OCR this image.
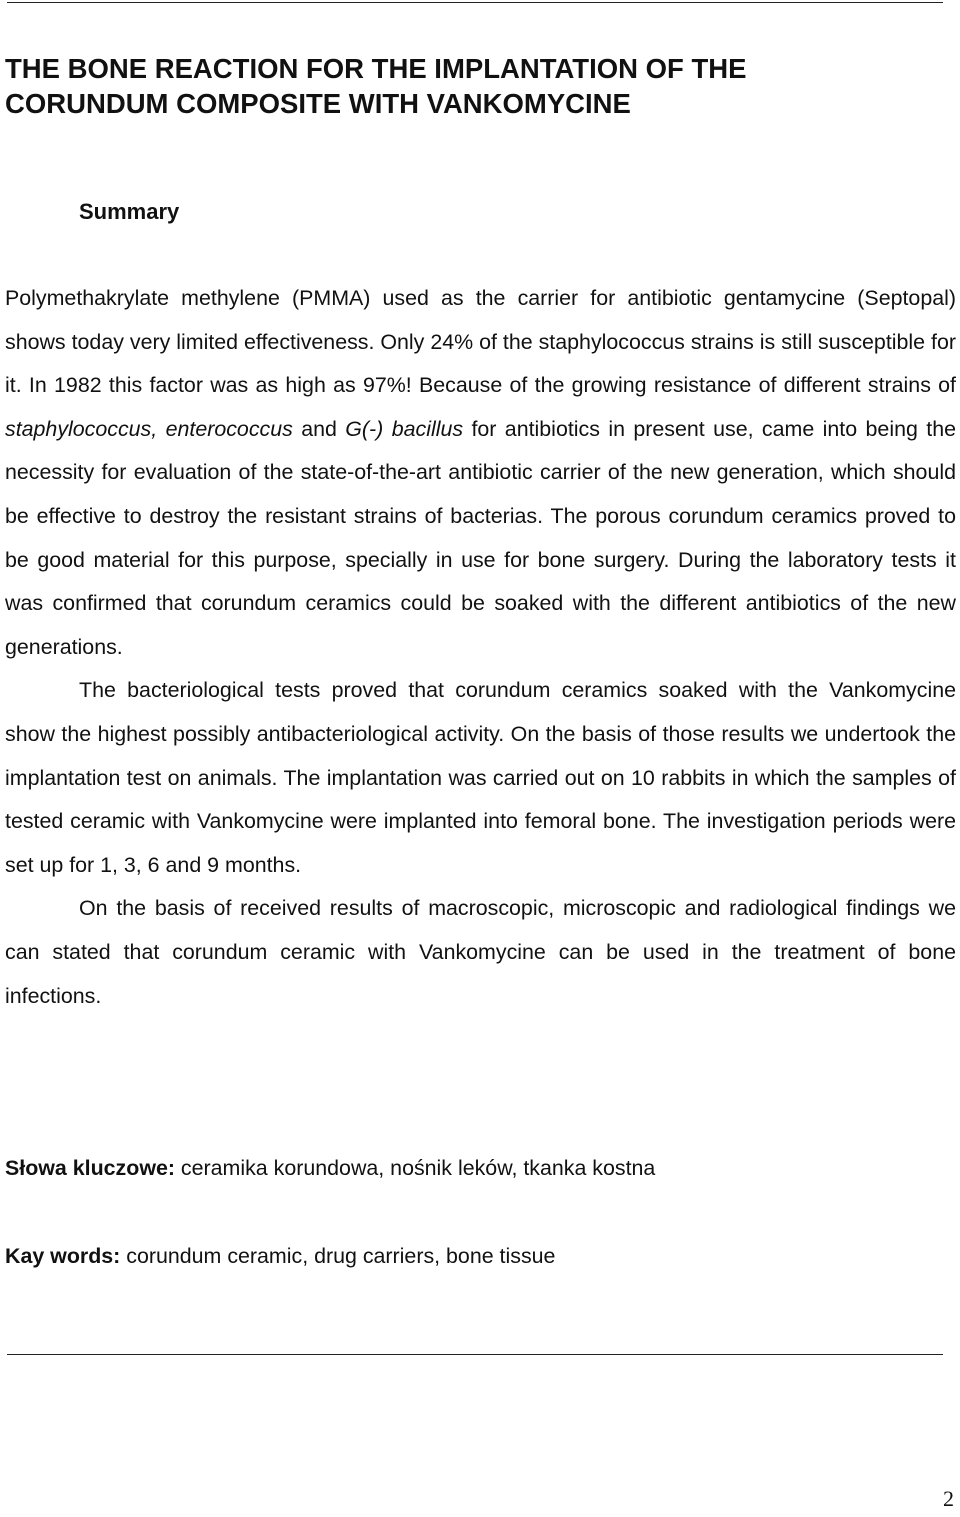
THE BONE REACTION FOR THE IMPLANTATION OF THE
CORUNDUM COMPOSITE WITH VANKOMYCINE
Summary

Polymethakrylate methylene (PMMA) used as the carrier for antibiotic gentamycine (Septopal) shows today very limited effectiveness. Only 24% of the staphylococcus strains is still susceptible for it. In 1982 this factor was as high as 97%! Because of the growing resistance of different strains of staphylococcus, enterococcus and G(-) bacillus for antibiotics in present use, came into being the necessity for evaluation of the state-of-the-art antibiotic carrier of the new generation, which should be effective to destroy the resistant strains of bacterias. The porous corundum ceramics proved to be good material for this purpose, specially in use for bone surgery. During the laboratory tests it was confirmed that corundum ceramics could be soaked with the different antibiotics of the new generations.

The bacteriological tests proved that corundum ceramics soaked with the Vankomycine show the highest possibly antibacteriological activity. On the basis of those results we undertook the implantation test on animals. The implantation was carried out on 10 rabbits in which the samples of tested ceramic with Vankomycine were implanted into femoral bone. The investigation periods were set up for 1, 3, 6 and 9 months.

On the basis of received results of macroscopic, microscopic and radiological findings we can stated that corundum ceramic with Vankomycine can be used in the treatment of bone infections.

Słowa kluczowe: ceramika korundowa, nośnik leków, tkanka kostna

Kay words: corundum ceramic, drug carriers, bone tissue

2
